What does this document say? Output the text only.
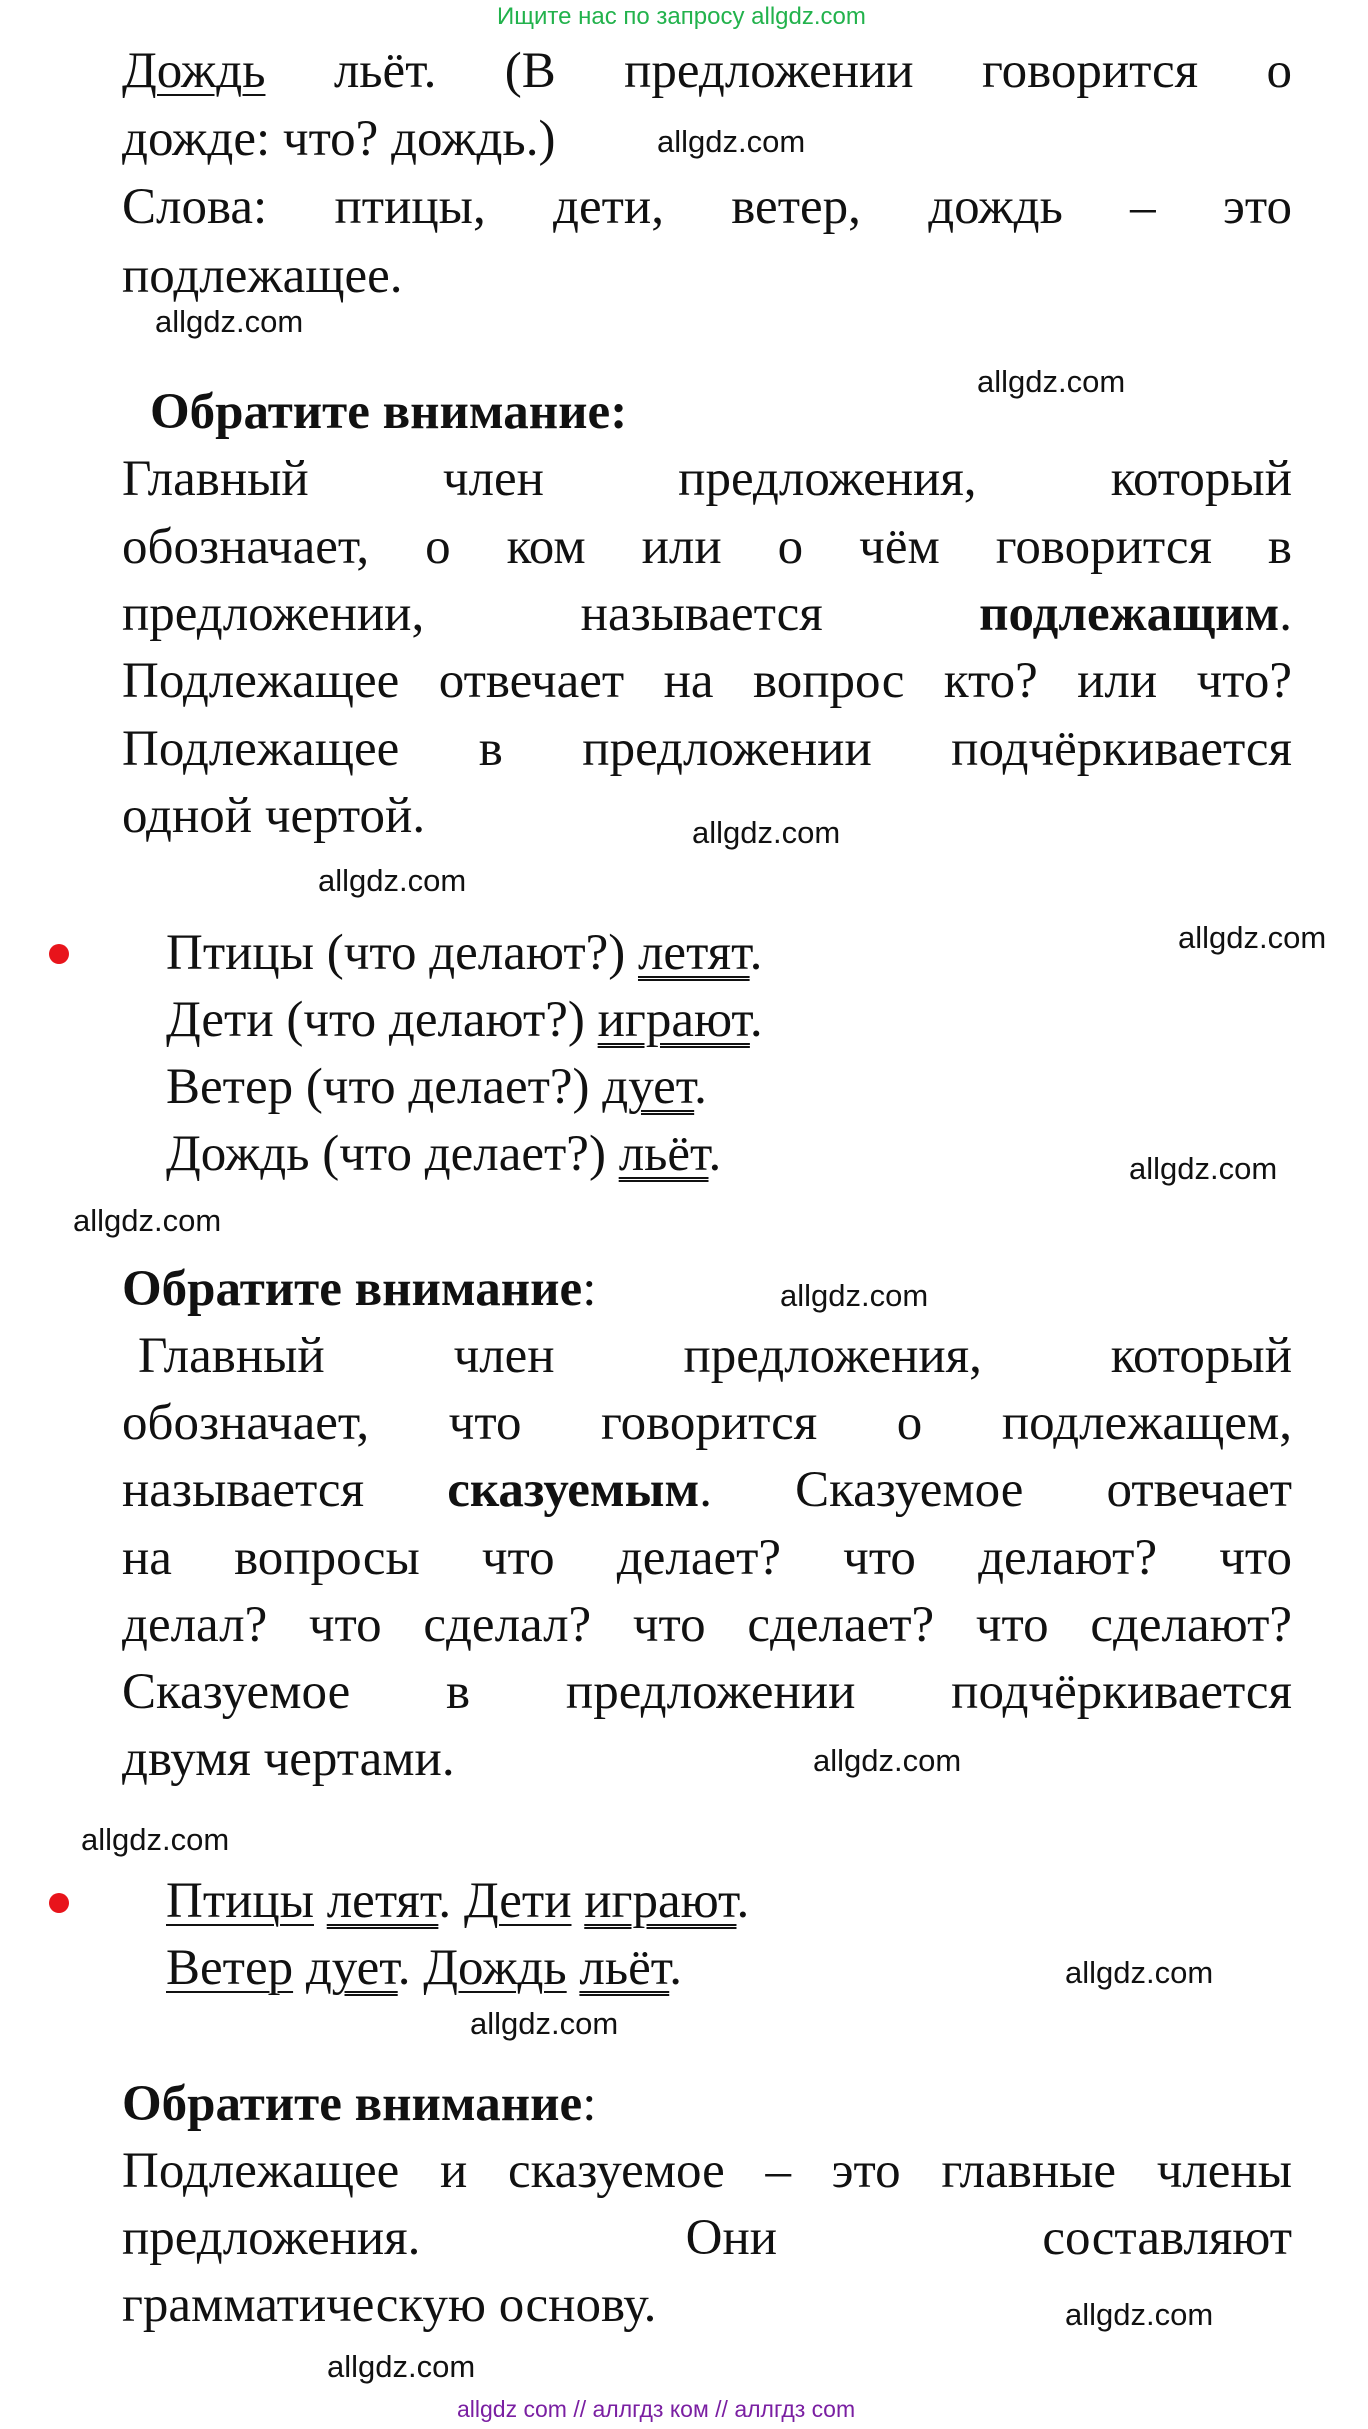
Ищите нас по запросу allgdz.com
Дождь льёт. (В предложении говорится о
дожде: что? дождь.)
Слова: птицы, дети, ветер, дождь – это
подлежащее.
Обратите внимание:
Главный член предложения, который
обозначает, о ком или о чём говорится в
предложении, называется	подлежащим.
Подлежащее отвечает на вопрос кто? или что?
Подлежащее в предложении подчёркивается
одной чертой.
Птицы (что делают?) летят.
Дети (что делают?) играют.
Ветер (что делает?) дует.
Дождь (что делает?) льёт.
Обратите внимание:
Главный член предложения, который
обозначает, что говорится о подлежащем,
называется сказуемым. Сказуемое отвечает
на вопросы что делает? что делают? что
делал? что сделал? что сделает? что сделают?
Сказуемое в предложении подчёркивается
двумя чертами.
Птицы летят. Дети играют.
Ветер дует. Дождь льёт.
Обратите внимание:
Подлежащее и сказуемое – это главные члены
предложения. Они составляют
грамматическую основу.
allgdz.com
allgdz.com
allgdz.com
allgdz.com
allgdz.com
allgdz.com
allgdz.com
allgdz.com
allgdz.com
allgdz.com
allgdz.com
allgdz.com
allgdz.com
allgdz.com
allgdz.com
allgdz com // аллгдз ком // аллгдз com
